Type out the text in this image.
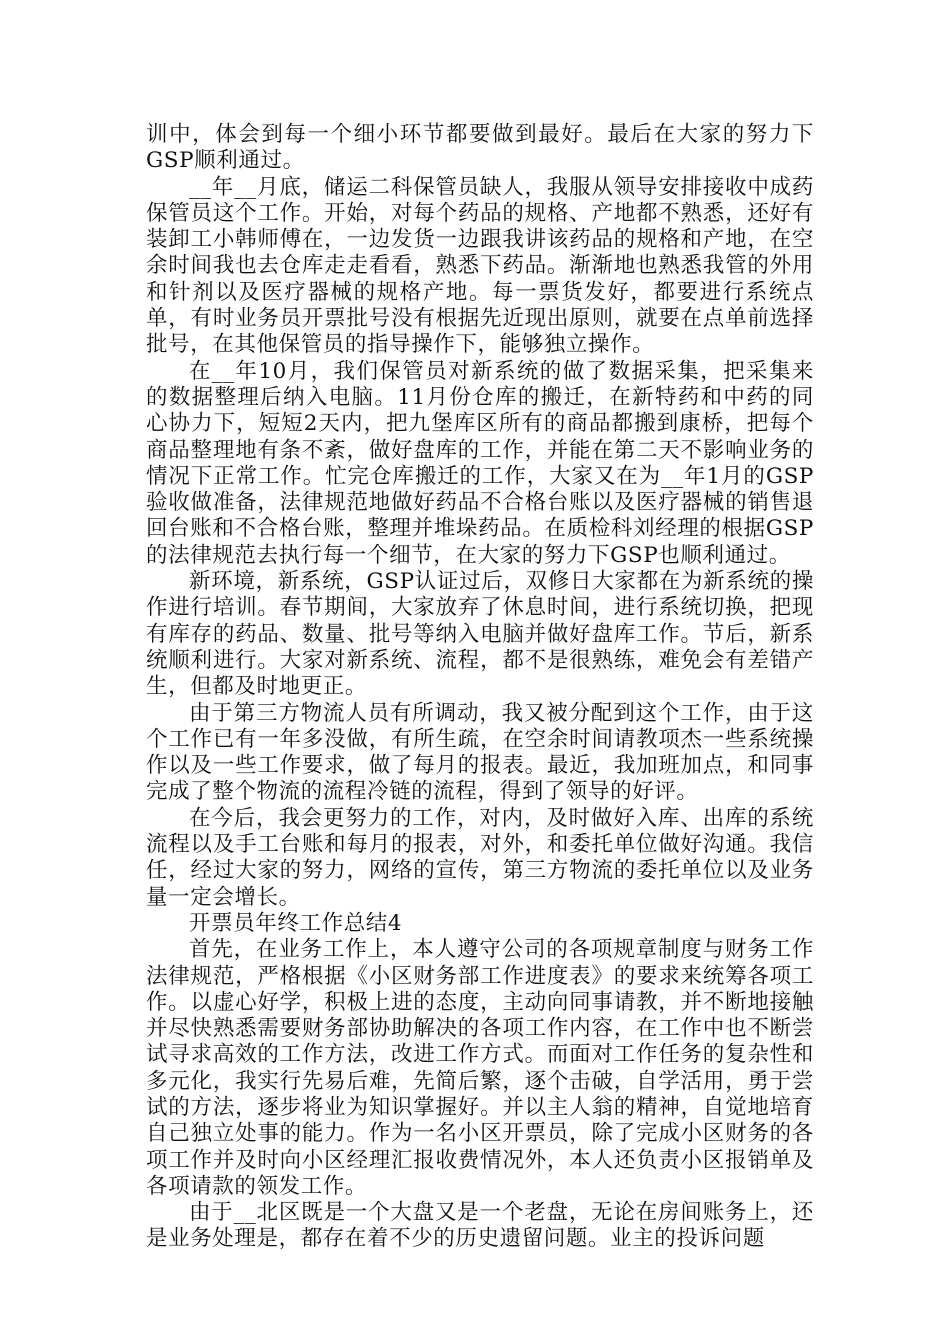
训中，体会到每一个细小环节都要做到最好。最后在大家的努力下GSP顺利通过。

__年__月底，储运二科保管员缺人，我服从领导安排接收中成药保管员这个工作。开始，对每个药品的规格、产地都不熟悉，还好有装卸工小韩师傅在，一边发货一边跟我讲该药品的规格和产地，在空余时间我也去仓库走走看看，熟悉下药品。渐渐地也熟悉我管的外用和针剂以及医疗器械的规格产地。每一票货发好，都要进行系统点单，有时业务员开票批号没有根据先近现出原则，就要在点单前选择批号，在其他保管员的指导操作下，能够独立操作。

在__年10月，我们保管员对新系统的做了数据采集，把采集来的数据整理后纳入电脑。11月份仓库的搬迁，在新特药和中药的同心协力下，短短2天内，把九堡库区所有的商品都搬到康桥，把每个商品整理地有条不紊，做好盘库的工作，并能在第二天不影响业务的情况下正常工作。忙完仓库搬迁的工作，大家又在为__年1月的GSP验收做准备，法律规范地做好药品不合格台账以及医疗器械的销售退回台账和不合格台账，整理并堆垛药品。在质检科刘经理的根据GSP的法律规范去执行每一个细节，在大家的努力下GSP也顺利通过。

新环境，新系统，GSP认证过后，双修日大家都在为新系统的操作进行培训。春节期间，大家放弃了休息时间，进行系统切换，把现有库存的药品、数量、批号等纳入电脑并做好盘库工作。节后，新系统顺利进行。大家对新系统、流程，都不是很熟练，难免会有差错产生，但都及时地更正。

由于第三方物流人员有所调动，我又被分配到这个工作，由于这个工作已有一年多没做，有所生疏，在空余时间请教项杰一些系统操作以及一些工作要求，做了每月的报表。最近，我加班加点，和同事完成了整个物流的流程冷链的流程，得到了领导的好评。

在今后，我会更努力的工作，对内，及时做好入库、出库的系统流程以及手工台账和每月的报表，对外，和委托单位做好沟通。我信任，经过大家的努力，网络的宣传，第三方物流的委托单位以及业务量一定会增长。

开票员年终工作总结4

首先，在业务工作上，本人遵守公司的各项规章制度与财务工作法律规范，严格根据《小区财务部工作进度表》的要求来统筹各项工作。以虚心好学，积极上进的态度，主动向同事请教，并不断地接触并尽快熟悉需要财务部协助解决的各项工作内容，在工作中也不断尝试寻求高效的工作方法，改进工作方式。而面对工作任务的复杂性和多元化，我实行先易后难，先简后繁，逐个击破，自学活用，勇于尝试的方法，逐步将业为知识掌握好。并以主人翁的精神，自觉地培育自己独立处事的能力。作为一名小区开票员，除了完成小区财务的各项工作并及时向小区经理汇报收费情况外，本人还负责小区报销单及各项请款的领发工作。

由于__北区既是一个大盘又是一个老盘，无论在房间账务上，还是业务处理是，都存在着不少的历史遗留问题。业主的投诉问题
